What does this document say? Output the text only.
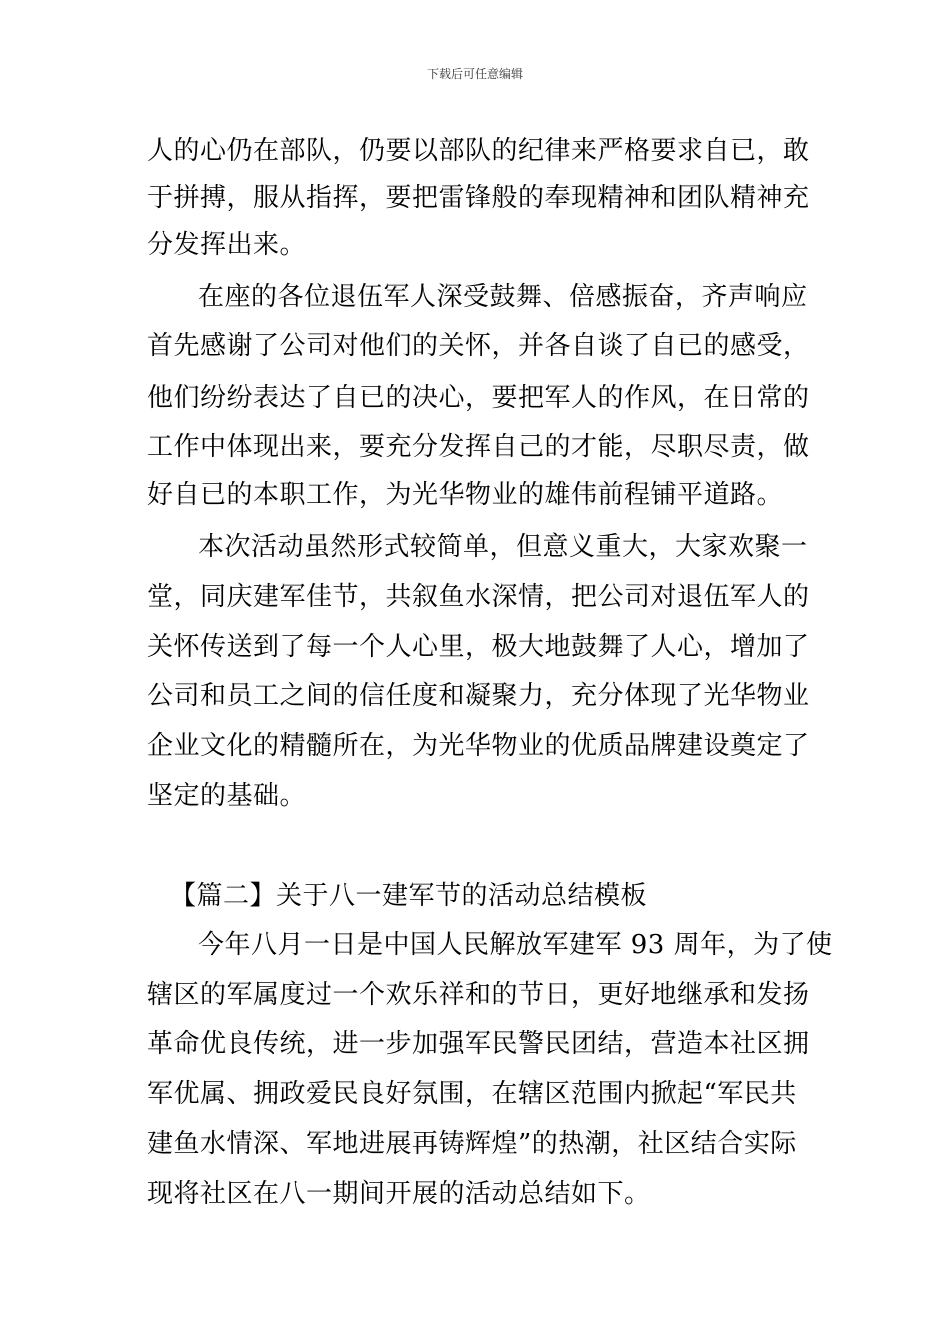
下载后可任意编辑
人的心仍在部队，仍要以部队的纪律来严格要求自已，敢
于拼搏，服从指挥，要把雷锋般的奉现精神和团队精神充
分发挥出来。
在座的各位退伍军人深受鼓舞、倍感振奋，齐声响应
首先感谢了公司对他们的关怀，并各自谈了自已的感受，
他们纷纷表达了自已的决心，要把军人的作风，在日常的
工作中体现出来，要充分发挥自己的才能，尽职尽责，做
好自已的本职工作，为光华物业的雄伟前程铺平道路。
本次活动虽然形式较简单，但意义重大，大家欢聚一
堂，同庆建军佳节，共叙鱼水深情，把公司对退伍军人的
关怀传送到了每一个人心里，极大地鼓舞了人心，增加了
公司和员工之间的信任度和凝聚力，充分体现了光华物业
企业文化的精髓所在，为光华物业的优质品牌建设奠定了
坚定的基础。
【篇二】关于八一建军节的活动总结模板
今年八月一日是中国人民解放军建军 93 周年，为了使
辖区的军属度过一个欢乐祥和的节日，更好地继承和发扬
革命优良传统，进一步加强军民警民团结，营造本社区拥
军优属、拥政爱民良好氛围，在辖区范围内掀起“军民共
建鱼水情深、军地进展再铸辉煌”的热潮，社区结合实际
现将社区在八一期间开展的活动总结如下。
